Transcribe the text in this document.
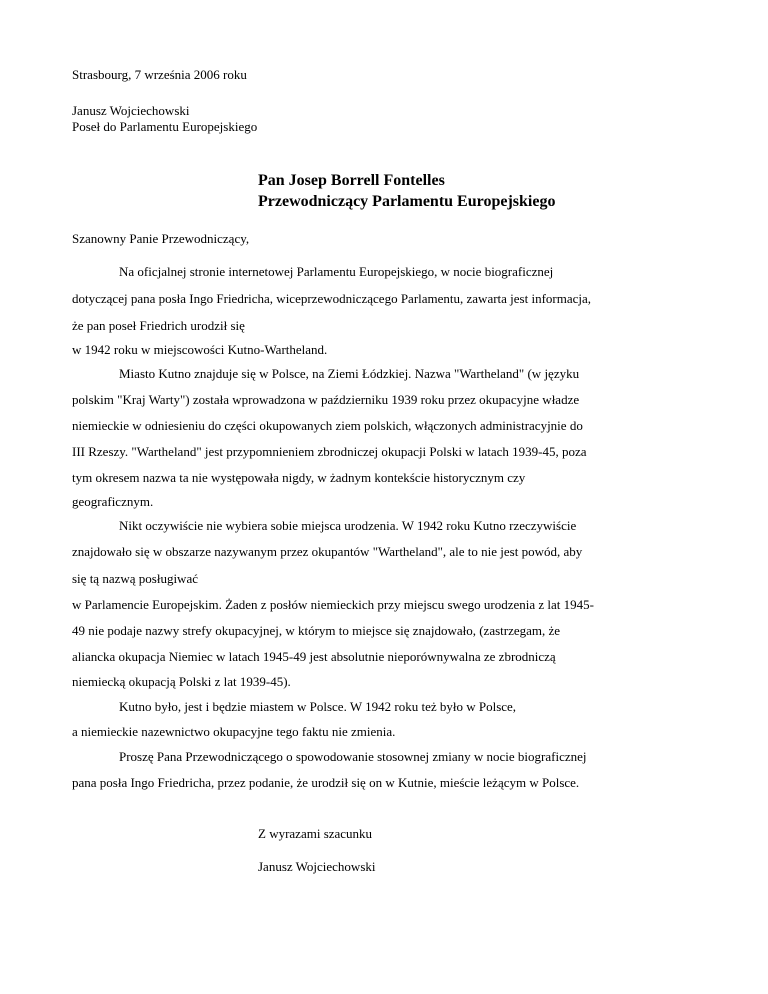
Strasbourg, 7 września 2006 roku
Janusz Wojciechowski
Poseł do Parlamentu Europejskiego
Pan Josep Borrell Fontelles
Przewodniczący Parlamentu Europejskiego
Szanowny Panie Przewodniczący,
Na oficjalnej stronie internetowej Parlamentu Europejskiego, w nocie biograficznej
dotyczącej pana posła Ingo Friedricha, wiceprzewodniczącego Parlamentu, zawarta jest informacja,
że pan poseł Friedrich urodził się
w 1942 roku w miejscowości Kutno-Wartheland.
Miasto Kutno znajduje się w Polsce, na Ziemi Łódzkiej. Nazwa "Wartheland" (w języku
polskim "Kraj Warty") została wprowadzona w październiku 1939 roku przez okupacyjne władze
niemieckie w odniesieniu do części okupowanych ziem polskich, włączonych administracyjnie do
III Rzeszy. "Wartheland" jest przypomnieniem zbrodniczej okupacji Polski w latach 1939-45, poza
tym okresem nazwa ta nie występowała nigdy, w żadnym kontekście historycznym czy
geograficznym.
Nikt oczywiście nie wybiera sobie miejsca urodzenia. W 1942 roku Kutno rzeczywiście
znajdowało się w obszarze nazywanym przez okupantów "Wartheland", ale to nie jest powód, aby
się tą nazwą posługiwać
w Parlamencie Europejskim. Żaden z posłów niemieckich przy miejscu swego urodzenia z lat 1945-
49 nie podaje nazwy strefy okupacyjnej, w którym to miejsce się znajdowało, (zastrzegam, że
aliancka okupacja Niemiec w latach 1945-49 jest absolutnie nieporównywalna ze zbrodniczą
niemiecką okupacją Polski z lat 1939-45).
Kutno było, jest i będzie miastem w Polsce. W 1942 roku też było w Polsce,
a niemieckie nazewnictwo okupacyjne tego faktu nie zmienia.
Proszę Pana Przewodniczącego o spowodowanie stosownej zmiany w nocie biograficznej
pana posła Ingo Friedricha, przez podanie, że urodził się on w Kutnie, mieście leżącym w Polsce.
Z wyrazami szacunku
Janusz Wojciechowski
